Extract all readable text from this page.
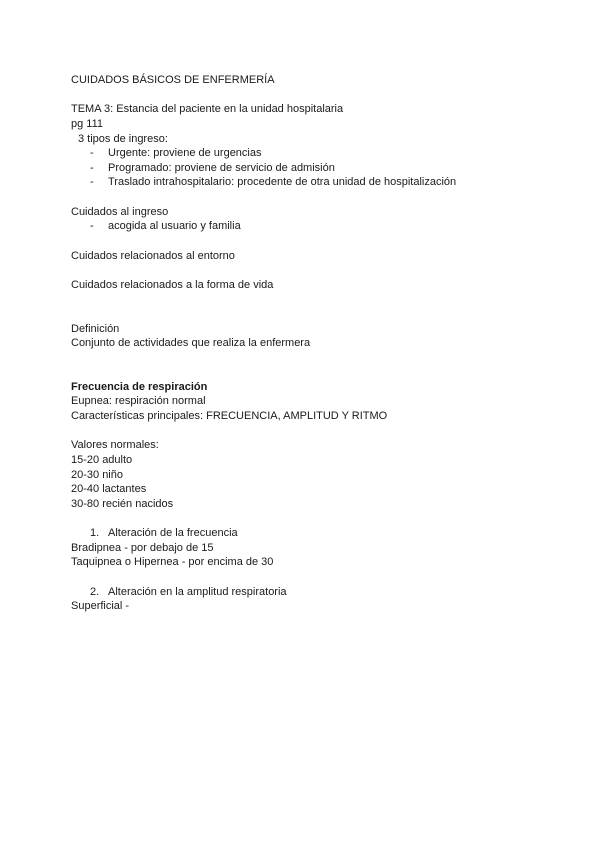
CUIDADOS BÁSICOS DE ENFERMERÍA
TEMA 3: Estancia del paciente en la unidad hospitalaria
pg 111
3 tipos de ingreso:
- Urgente: proviene de urgencias
- Programado: proviene de servicio de admisión
- Traslado intrahospitalario: procedente de otra unidad de hospitalización
Cuidados al ingreso
- acogida al usuario y familia
Cuidados relacionados al entorno
Cuidados relacionados a la forma de vida
Definición
Conjunto de actividades que realiza la enfermera
Frecuencia de respiración
Eupnea: respiración normal
Características principales: FRECUENCIA, AMPLITUD Y RITMO
Valores normales:
15-20 adulto
20-30 niño
20-40 lactantes
30-80 recién nacidos
1. Alteración de la frecuencia
Bradipnea - por debajo de 15
Taquipnea o Hipernea - por encima de 30
2. Alteración en la amplitud respiratoria
Superficial -
